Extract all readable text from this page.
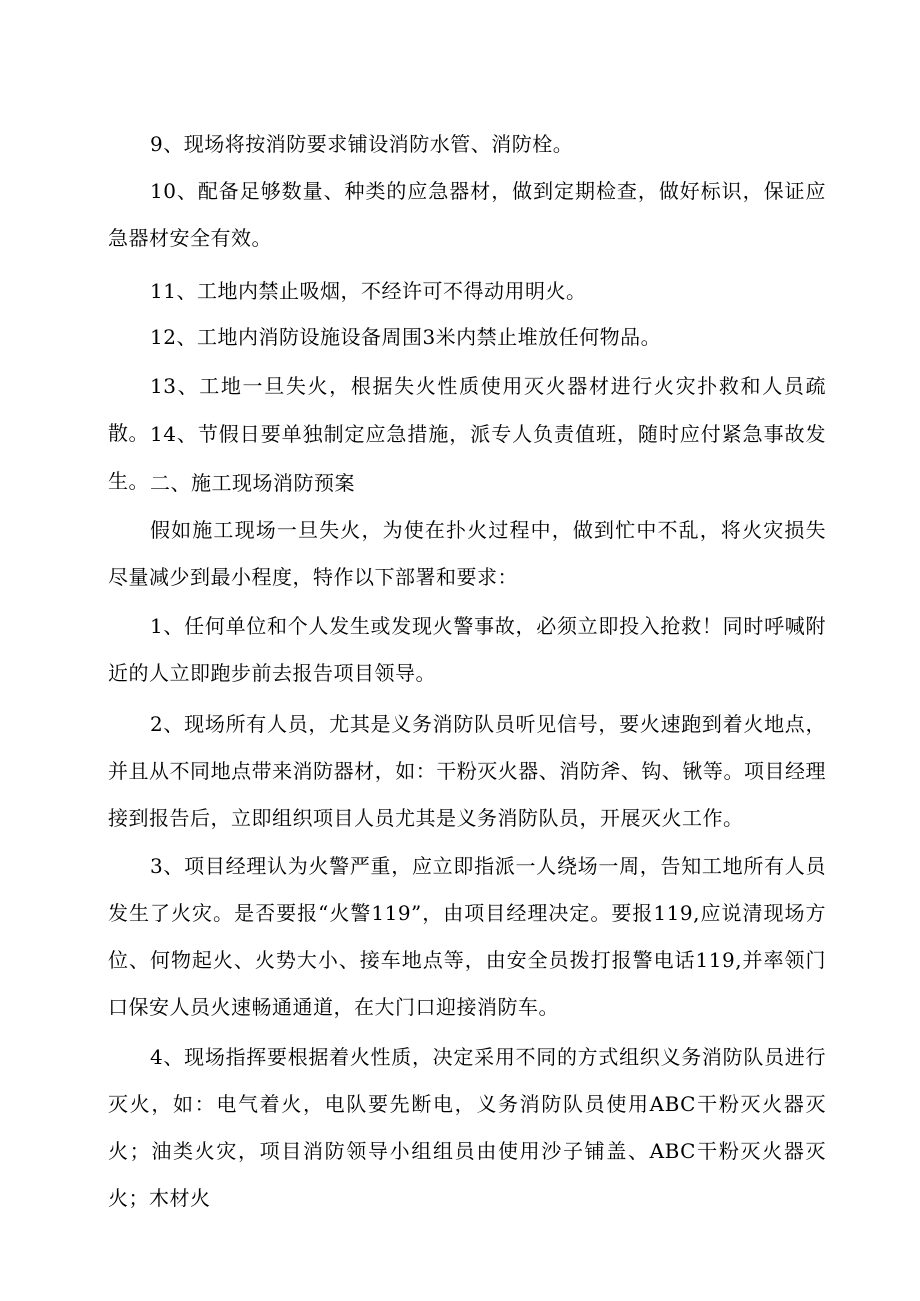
9、现场将按消防要求铺设消防水管、消防栓。

10、配备足够数量、种类的应急器材，做到定期检查，做好标识，保证应急器材安全有效。

11、工地内禁止吸烟，不经许可不得动用明火。

12、工地内消防设施设备周围3米内禁止堆放任何物品。

13、工地一旦失火，根据失火性质使用灭火器材进行火灾扑救和人员疏散。 14、节假日要单独制定应急措施，派专人负责值班，随时应付紧急事故发生。 二、施工现场消防预案

假如施工现场一旦失火，为使在扑火过程中，做到忙中不乱，将火灾损失尽量减少到最小程度，特作以下部署和要求：

1、任何单位和个人发生或发现火警事故，必须立即投入抢救！同时呼喊附近的人立即跑步前去报告项目领导。

2、现场所有人员，尤其是义务消防队员听见信号，要火速跑到着火地点，并且从不同地点带来消防器材，如：干粉灭火器、消防斧、钩、锹等。项目经理接到报告后，立即组织项目人员尤其是义务消防队员，开展灭火工作。

3、项目经理认为火警严重，应立即指派一人绕场一周，告知工地所有人员发生了火灾。是否要报“火警119”，由项目经理决定。要报119,应说清现场方位、何物起火、火势大小、接车地点等，由安全员拨打报警电话119,并率领门口保安人员火速畅通通道，在大门口迎接消防车。

4、现场指挥要根据着火性质，决定采用不同的方式组织义务消防队员进行灭火，如：电气着火，电队要先断电，义务消防队员使用ABC干粉灭火器灭火；油类火灾，项目消防领导小组组员由使用沙子铺盖、ABC干粉灭火器灭火；木材火
